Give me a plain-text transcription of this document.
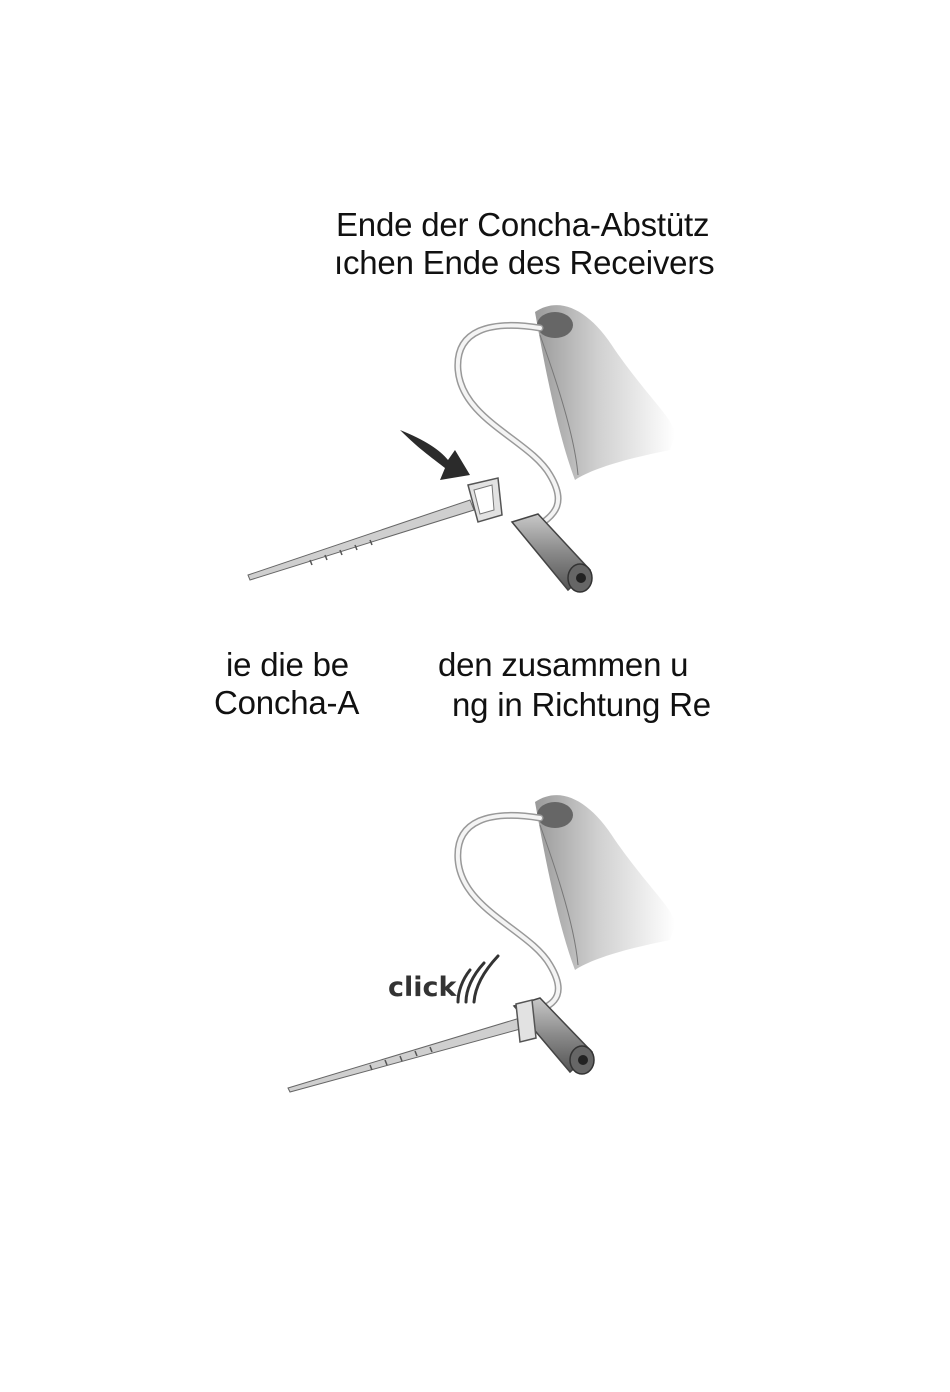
Ende der Concha-Abstütz
ıchen Ende des Receivers
ie die be	den zusammen u
Concha-A	ng in Richtung Re
click
